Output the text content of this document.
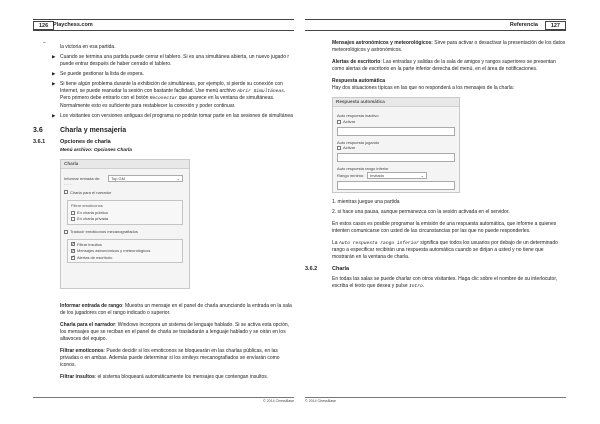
126 Playchess.com
–
la victoria en esa partida.
▶ Cuando se termina una partida puede cerrar el tablero. Si es una simultánea abierta, un nuevo jugado r puede entrar después de haber cerrado el tablero.
▶ Se puede gestionar la lista de espera.
▶ Si tiene algún problema durante la exhibición de simultáneas, por ejemplo, si pierde su conexión con Internet, se puede reanudar la sesión con bastante facilidad. Use menú archivo Abrir Simultáneas. Pero primero debe entrarlo con el botón Reconectar que aparece en la ventana de simultáneas. Normalmente esto es suficiente para restablecer la conexión y poder continuar.
▶ Los visitantes con versiones antiguas del programa no podrán tomar parte en las sesiones de simultánea
3.6	Charla y mensajería
3.6.1	Opciones de charla
Menú archivo: Opciones Charla
Charla
Informar entrada de:	Top GM	⌄
- - - - -
Charla para el narrador
Filtrar emoticonos
En charla pública
En charla privada
Traducir emoticonos mecanografiados
✓
Filtrar insultos
✓
Mensajes astronómicos y meteorológicos
✓
Alertas de escritorio
Informar entrada de rango: Muestra un mensaje en el panel de charla anunciando la entrada en la sala de los jugadores con el rango indicado o superior.
Charla para el narrador: Windows incorpora un sistema de lenguaje hablado. Si se activa esta opción, los mensajes que se reciban en el panel de charla se trasladarán a lenguaje hablado y se oirán en los altavoces del equipo.
Filtrar emoticonos: Puede decidir si los emoticonos se bloquearán en las charlas públicas, en las privadas o en ambas. Además puede determinar si los smileys mecanografiados se envíarán como iconos.
Filtrar insultos: el sistema bloqueará automáticamente los mensajes que contengan insultos.
© 2014 ChessBase
Referencia	127
Mensajes astronómicos y meteorológicos: Sirve para activar o desactivar la presentación de los datos meteorológicos y astronómicos.
Alertas de escritorio: Las entradas y salidas de la sala de amigos y rangos superiores se presentan como alertas de escritorio en la parte inferior derecha del menú, en el área de notificaciones.
Respuesta automática
Hay dos situaciones típicas en las que no responderá a los mensajes de la charla:
Respuesta automática
Auto respuesta inactivo
Activar
Auto respuesta jugando
Activar
Auto respuesta rango inferior
Rango mínimo:	Invitado	⌄
1. mientras juegue una partida
2. si hace una pausa, aunque permanezca con la sesión activada en el servidor.
En estos casos es posible programar la emisión de una respuesta automática, que informe a quienes intenten comunicarse con usted de las circunstancias por las que no puede responderles.
La Auto respuesta rango inferior significa que todos los usuarios por debajo de un determinado rango a especificar recibirán una respuesta automática cuando se dirijan a usted y no tiene que mostrarán en la ventana de charla.
3.6.2	Charla
En todas las salas se puede charlar con otros visitantes. Haga clic sobre el nombre de su interlocutor, escriba el texto que desea y pulse Intro.
© 2014 ChessBase
